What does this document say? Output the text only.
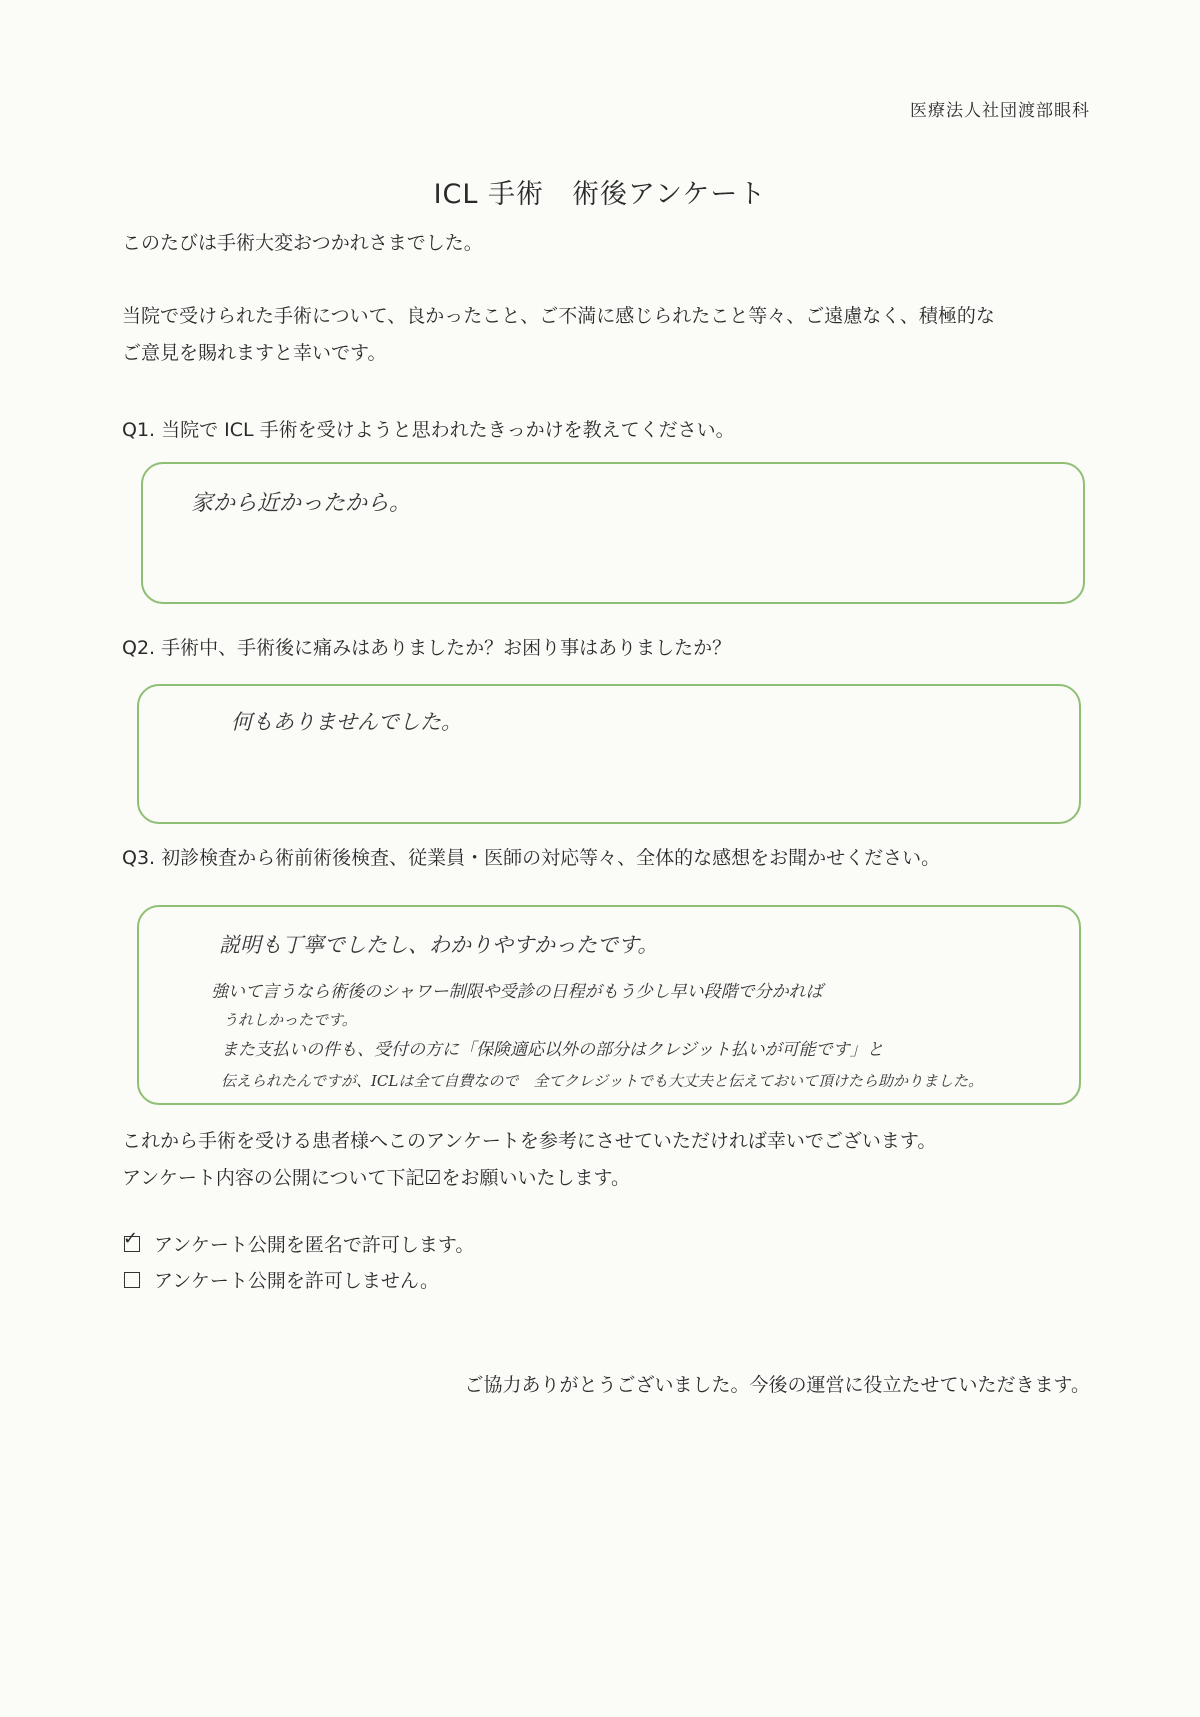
医療法人社団渡部眼科
ICL 手術　術後アンケート
このたびは手術大変おつかれさまでした。
当院で受けられた手術について、良かったこと、ご不満に感じられたこと等々、ご遠慮なく、積極的な
ご意見を賜れますと幸いです。
Q1. 当院で ICL 手術を受けようと思われたきっかけを教えてください。
家から近かったから。
Q2. 手術中、手術後に痛みはありましたか？お困り事はありましたか？
何もありませんでした。
Q3. 初診検査から術前術後検査、従業員・医師の対応等々、全体的な感想をお聞かせください。
説明も丁寧でしたし、わかりやすかったです。
強いて言うなら術後のシャワー制限や受診の日程がもう少し早い段階で分かれば
うれしかったです。
また支払いの件も、受付の方に「保険適応以外の部分はクレジット払いが可能です」と
伝えられたんですが、ICLは全て自費なので　全てクレジットでも大丈夫と伝えておいて頂けたら助かりました。
これから手術を受ける患者様へこのアンケートを参考にさせていただければ幸いでございます。
アンケート内容の公開について下記☑をお願いいたします。
✓ アンケート公開を匿名で許可します。
アンケート公開を許可しません。
ご協力ありがとうございました。今後の運営に役立たせていただきます。
